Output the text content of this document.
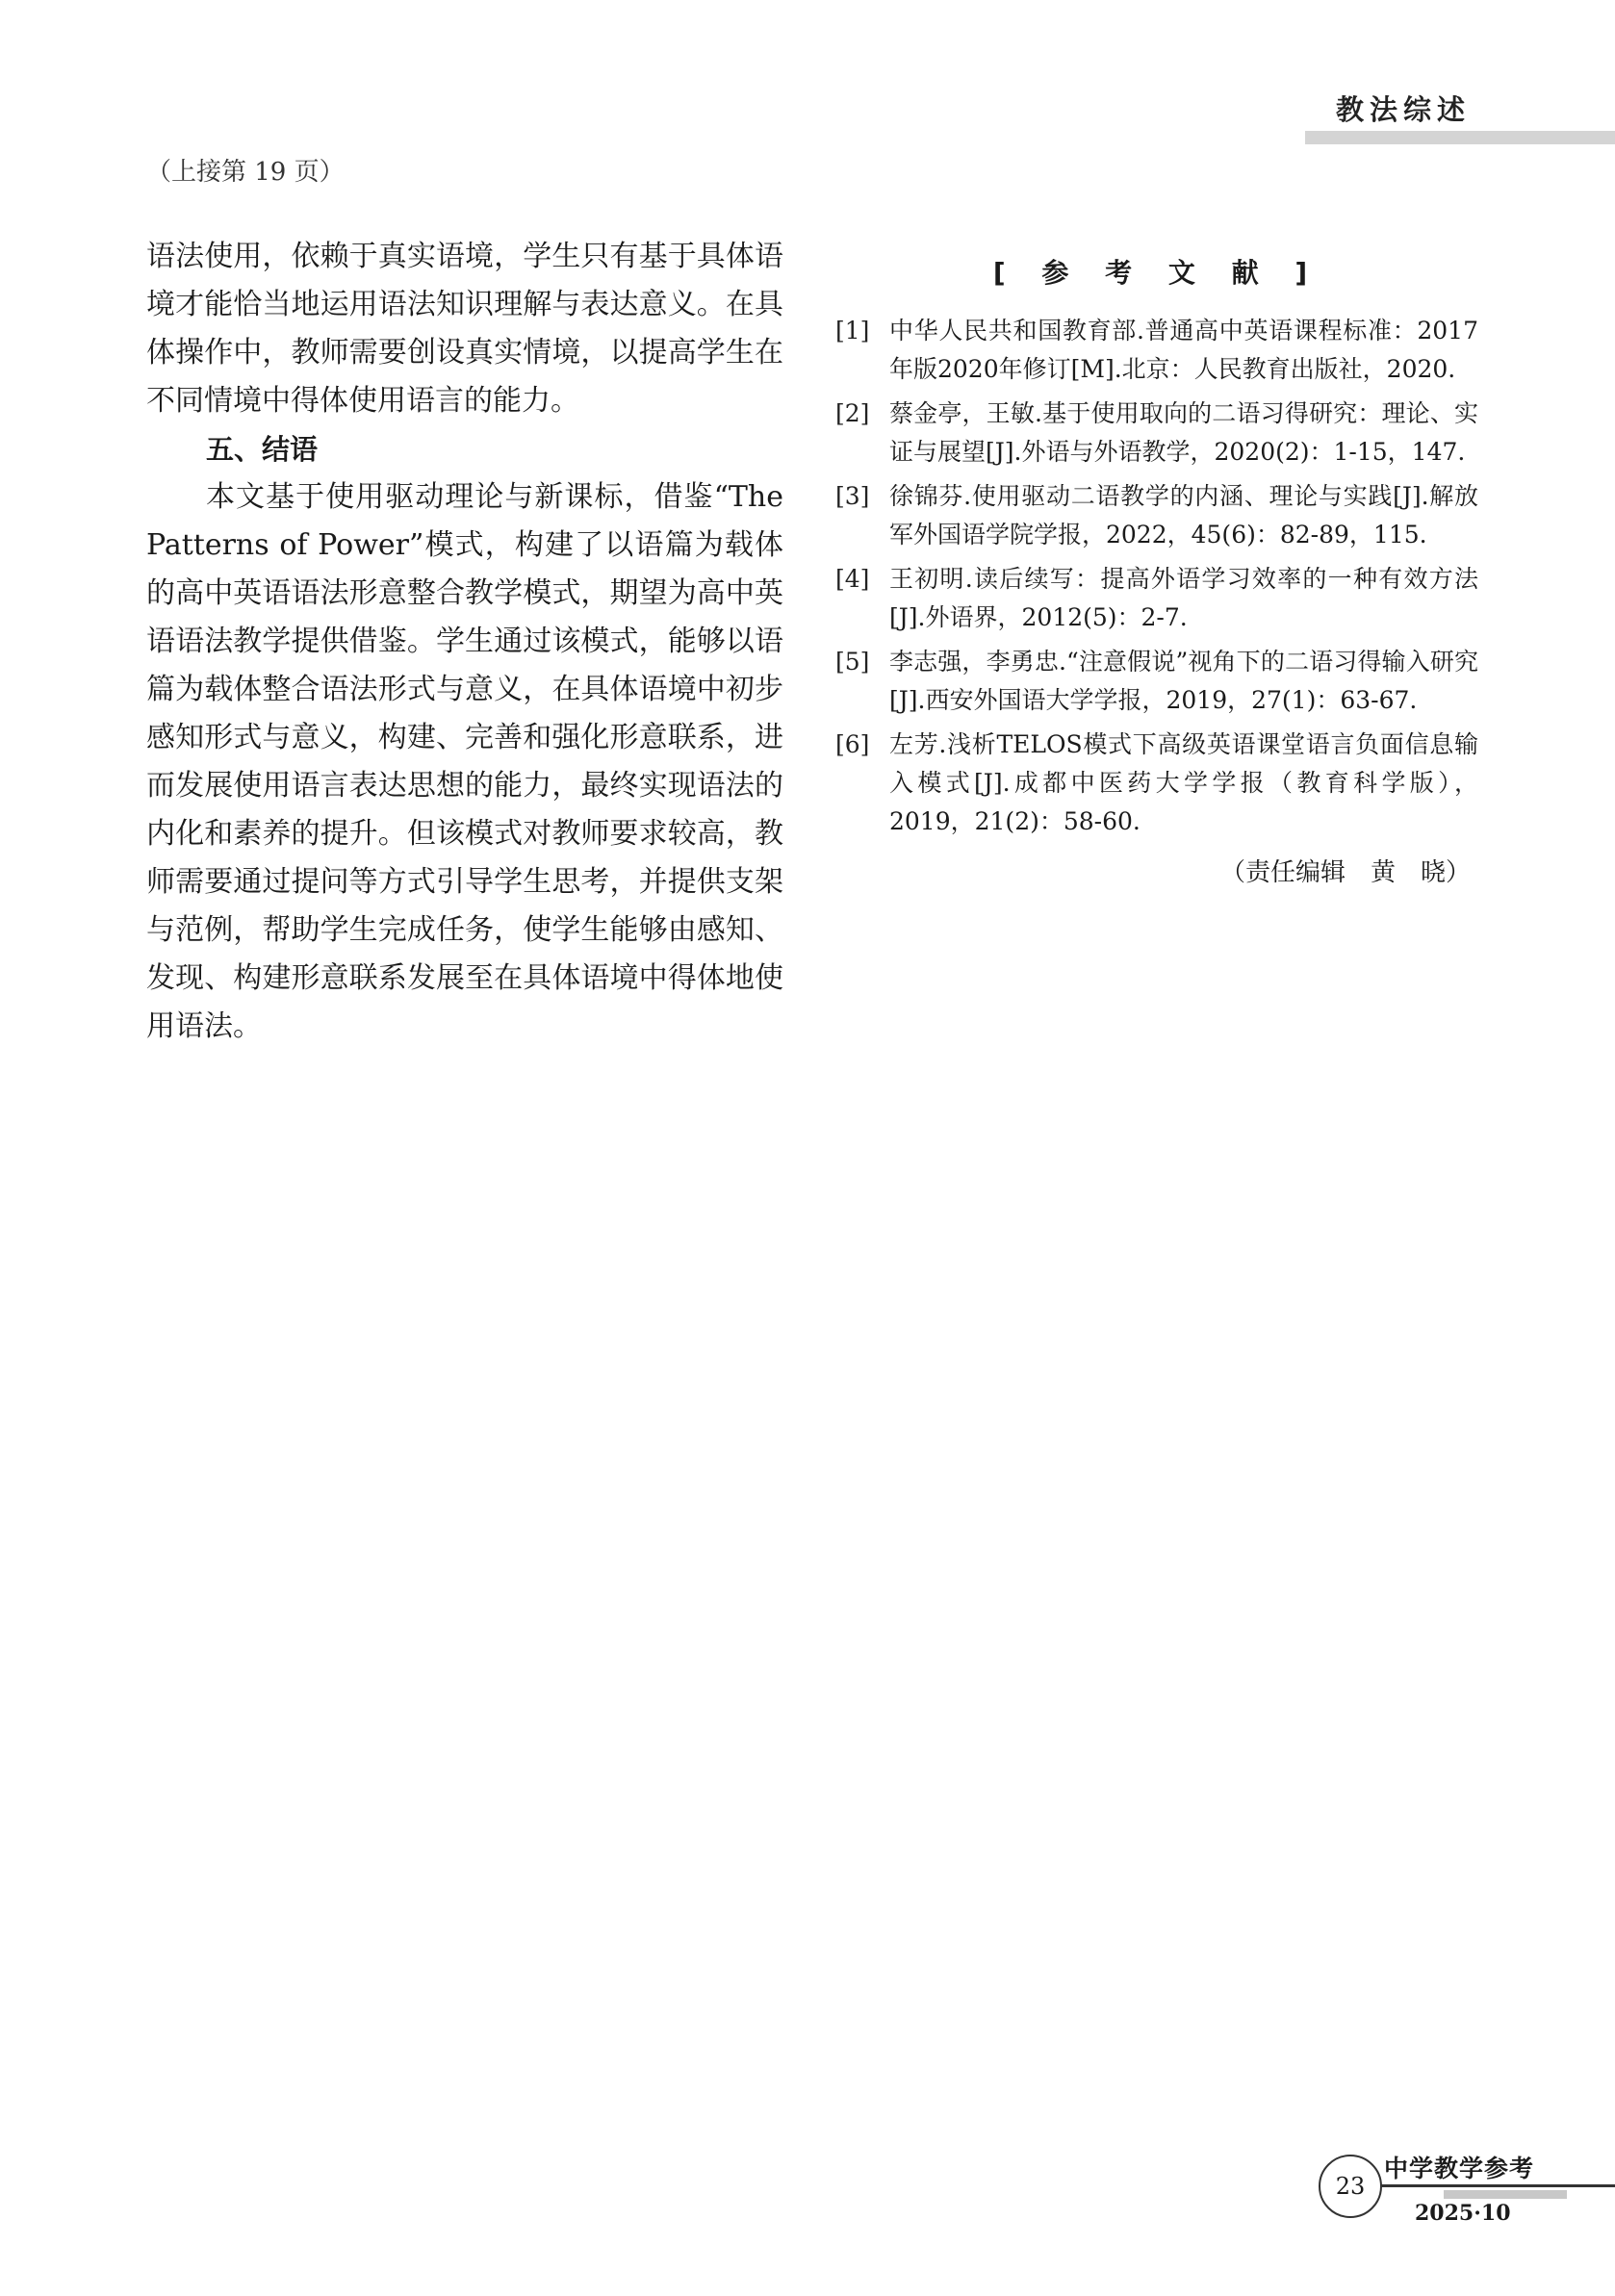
教法综述
（上接第 19 页）

语法使用，依赖于真实语境，学生只有基于具体语境才能恰当地运用语法知识理解与表达意义。在具体操作中，教师需要创设真实情境，以提高学生在不同情境中得体使用语言的能力。

五、结语

本文基于使用驱动理论与新课标，借鉴“The Patterns of Power”模式，构建了以语篇为载体的高中英语语法形意整合教学模式，期望为高中英语语法教学提供借鉴。学生通过该模式，能够以语篇为载体整合语法形式与意义，在具体语境中初步感知形式与意义，构建、完善和强化形意联系，进而发展使用语言表达思想的能力，最终实现语法的内化和素养的提升。但该模式对教师要求较高，教师需要通过提问等方式引导学生思考，并提供支架与范例，帮助学生完成任务，使学生能够由感知、发现、构建形意联系发展至在具体语境中得体地使用语法。

[ 参 考 文 献 ]
[1] 中华人民共和国教育部.普通高中英语课程标准：2017年版2020年修订[M].北京：人民教育出版社，2020.
[2] 蔡金亭，王敏.基于使用取向的二语习得研究：理论、实证与展望[J].外语与外语教学，2020(2)：1-15，147.
[3] 徐锦芬.使用驱动二语教学的内涵、理论与实践[J].解放军外国语学院学报，2022，45(6)：82-89，115.
[4] 王初明.读后续写：提高外语学习效率的一种有效方法[J].外语界，2012(5)：2-7.
[5] 李志强，李勇忠.“注意假说”视角下的二语习得输入研究[J].西安外国语大学学报，2019，27(1)：63-67.
[6] 左芳.浅析TELOS模式下高级英语课堂语言负面信息输入模式[J].成都中医药大学学报（教育科学版），2019，21(2)：58-60.
（责任编辑　黄　晓）
23
中学教学参考
2025·10
